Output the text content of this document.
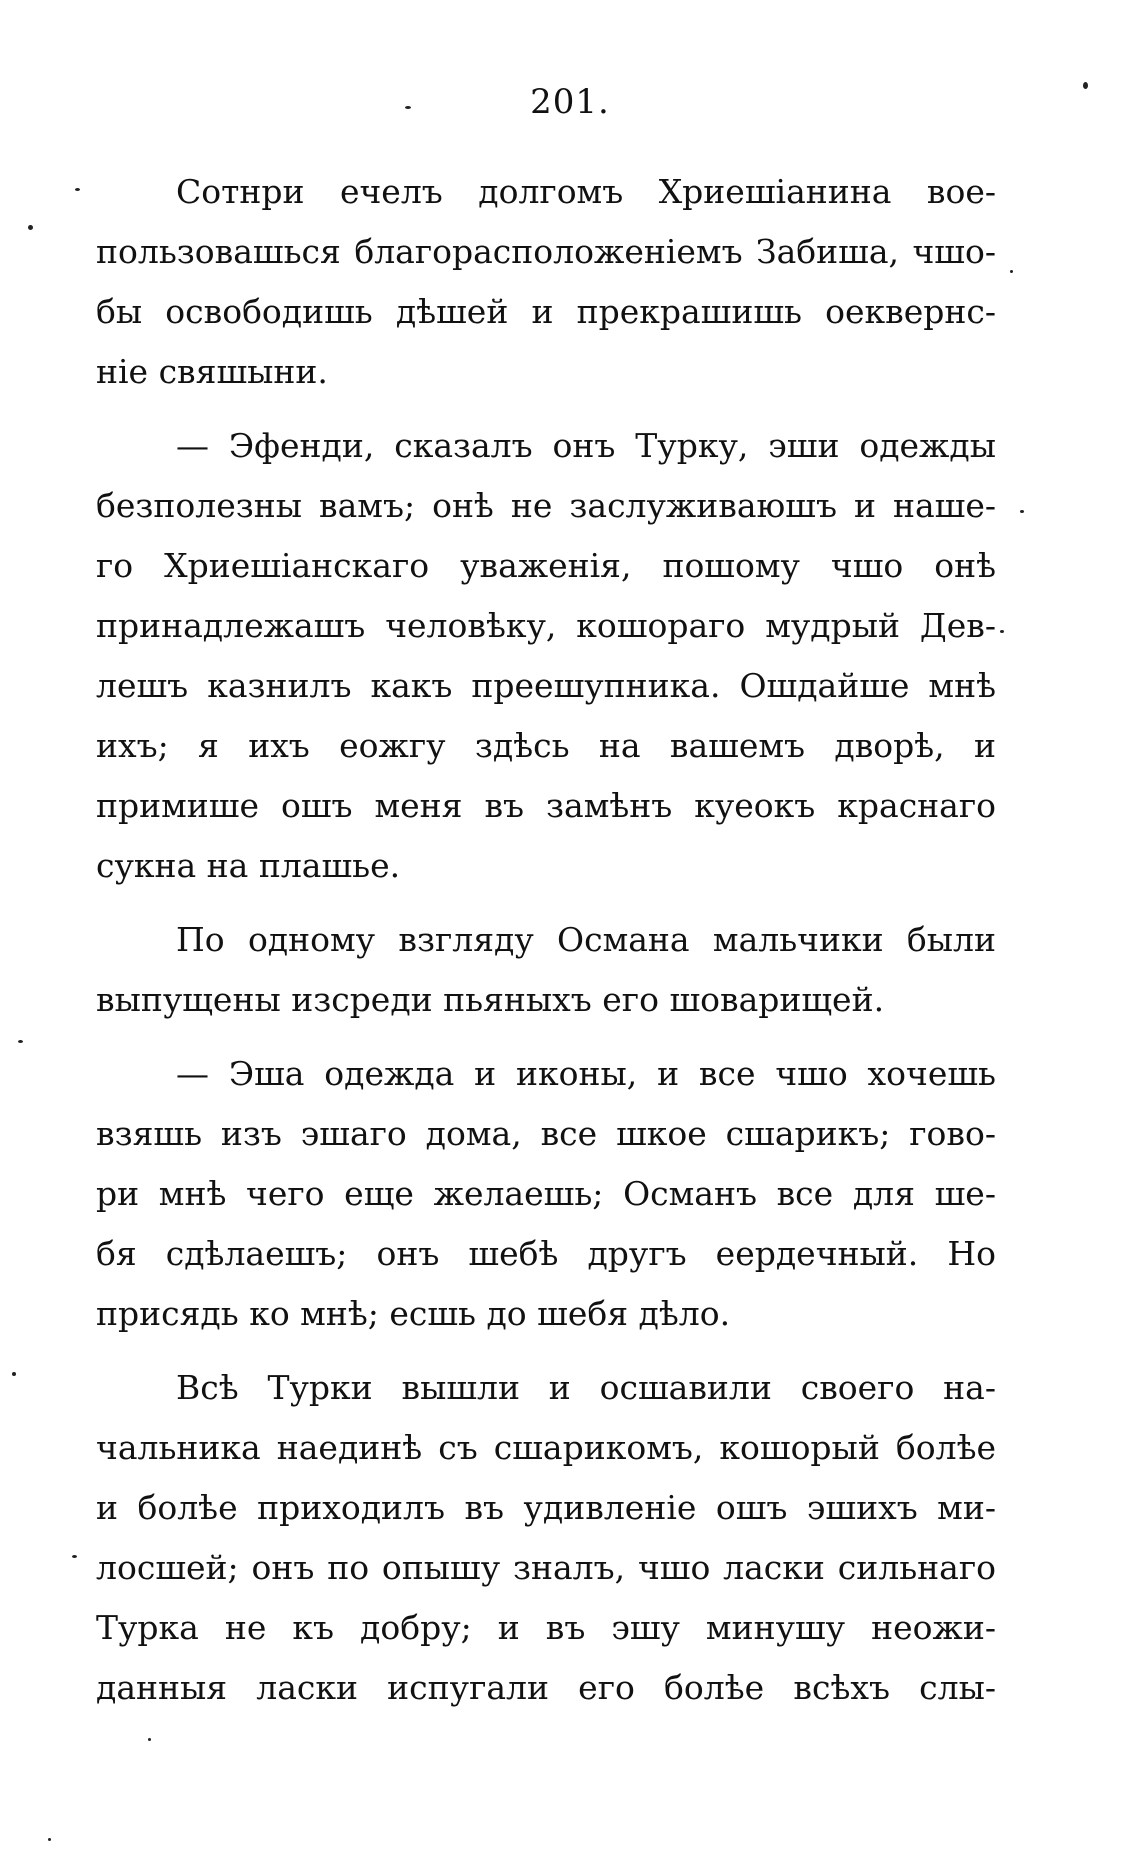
201.
Сотнри ечелъ долгомъ Хриешіанина вое-
пользовашься благорасположеніемъ Забиша, чшо-
бы освободишь дѣшей и прекрашишь оеквернс-
ніе свяшыни.
— Эфенди, сказалъ онъ Турку, эши одежды
безполезны вамъ; онѣ не заслуживаюшъ и наше-
го Хриешіанскаго уваженія, пошому чшо онѣ
принадлежашъ человѣку, кошораго мудрый Дев-
лешъ казнилъ какъ преешупника. Ошдайше мнѣ
ихъ; я ихъ еожгу здѣсь на вашемъ дворѣ, и
примише ошъ меня въ замѣнъ куеокъ краснаго
сукна на плашье.
По одному взгляду Османа мальчики были
выпущены изсреди пьяныхъ его шоварищей.
— Эша одежда и иконы, и все чшо хочешь
взяшь изъ эшаго дома, все шкое сшарикъ; гово-
ри мнѣ чего еще желаешь; Османъ все для ше-
бя сдѣлаешъ; онъ шебѣ другъ еердечный. Но
присядь ко мнѣ; есшь до шебя дѣло.
Всѣ Турки вышли и осшавили своего на-
чальника наединѣ съ сшарикомъ, кошорый болѣе
и болѣе приходилъ въ удивленіе ошъ эшихъ ми-
лосшей; онъ по опышу зналъ, чшо ласки сильнаго
Турка не къ добру; и въ эшу минушу неожи-
данныя ласки испугали его болѣе всѣхъ слы-
